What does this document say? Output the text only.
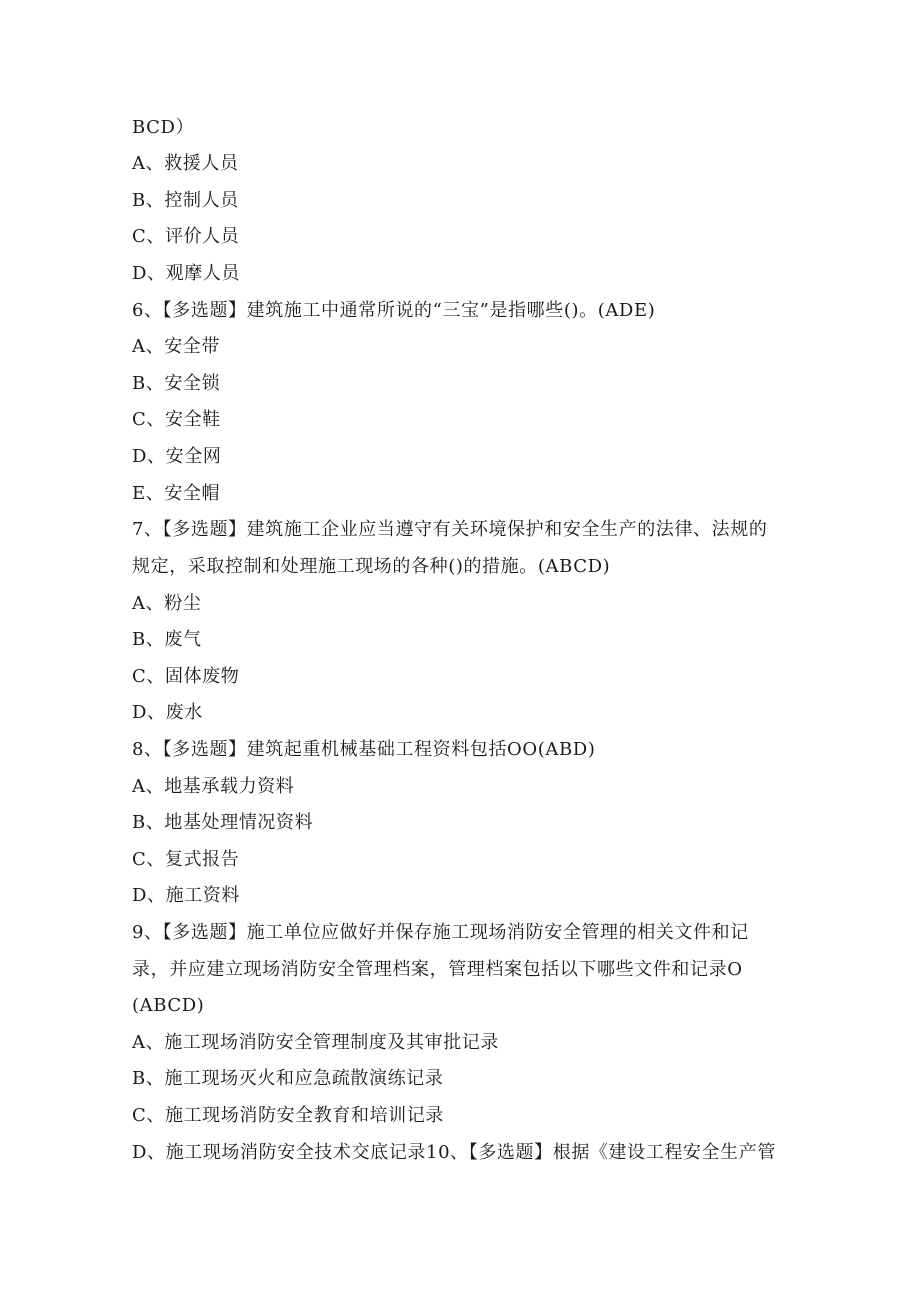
BCD）
A、救援人员
B、控制人员
C、评价人员
D、观摩人员
6、【多选题】建筑施工中通常所说的“三宝”是指哪些()。(ADE)
A、安全带
B、安全锁
C、安全鞋
D、安全网
E、安全帽
7、【多选题】建筑施工企业应当遵守有关环境保护和安全生产的法律、法规的
规定，采取控制和处理施工现场的各种()的措施。(ABCD)
A、粉尘
B、废气
C、固体废物
D、废水
8、【多选题】建筑起重机械基础工程资料包括OO(ABD)
A、地基承载力资料
B、地基处理情况资料
C、复式报告
D、施工资料
9、【多选题】施工单位应做好并保存施工现场消防安全管理的相关文件和记
录，并应建立现场消防安全管理档案，管理档案包括以下哪些文件和记录O
(ABCD)
A、施工现场消防安全管理制度及其审批记录
B、施工现场灭火和应急疏散演练记录
C、施工现场消防安全教育和培训记录
D、施工现场消防安全技术交底记录10、【多选题】根据《建设工程安全生产管
